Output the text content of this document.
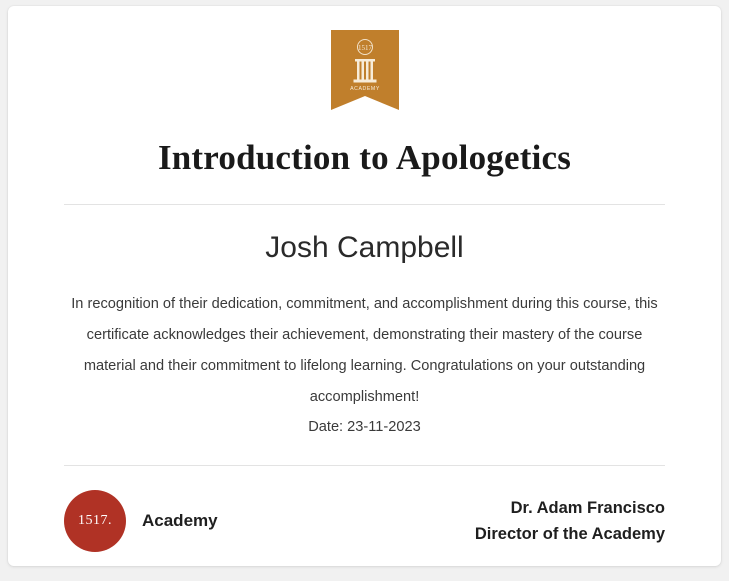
1517
ACADEMY
Introduction to Apologetics
Josh Campbell

In recognition of their dedication, commitment, and accomplishment during this course, this certificate acknowledges their achievement, demonstrating their mastery of the course material and their commitment to lifelong learning. Congratulations on your outstanding accomplishment!

Date: 23-11-2023
1517.	Academy
Dr. Adam Francisco
Director of the Academy
